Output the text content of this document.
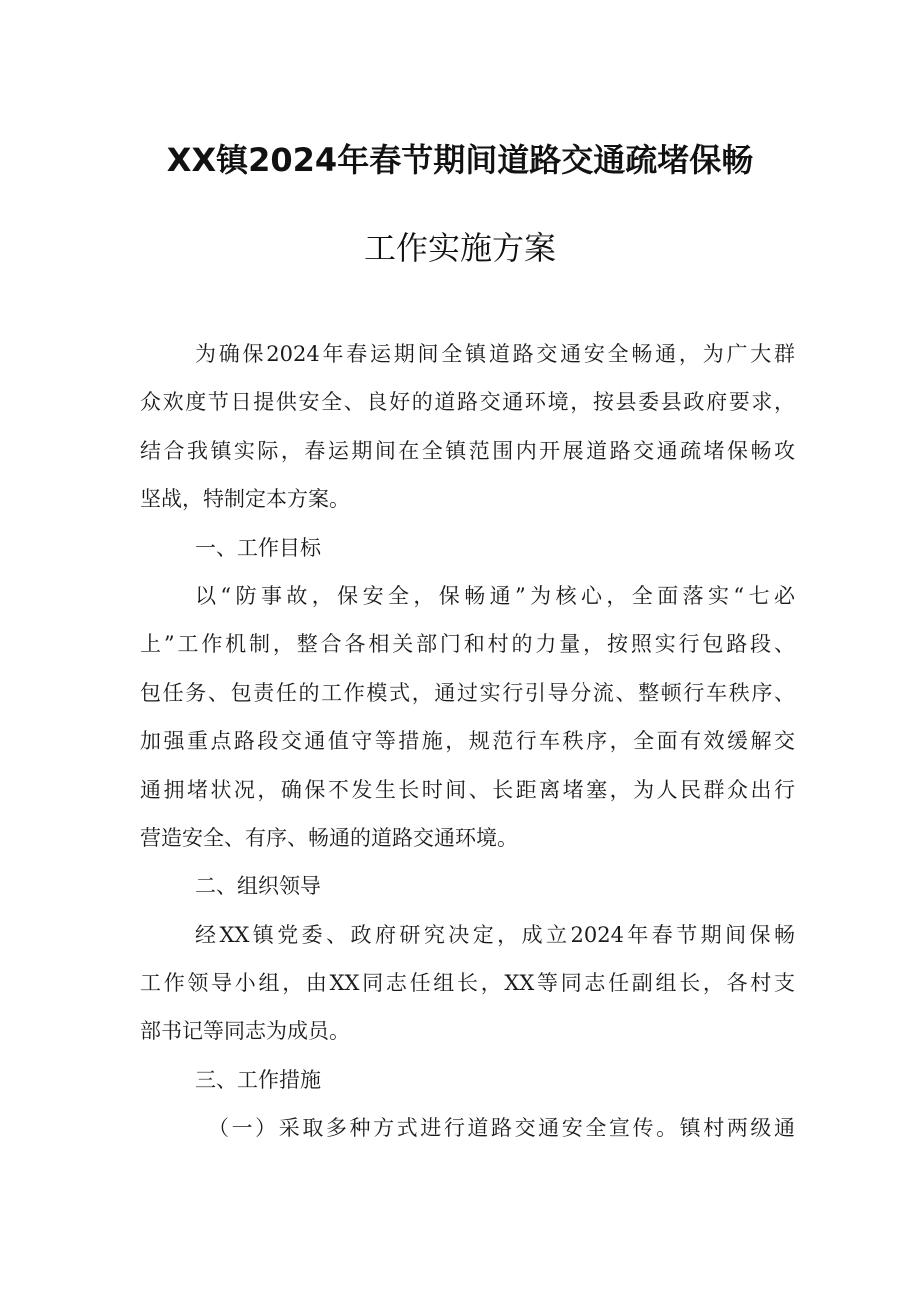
XX镇2024年春节期间道路交通疏堵保畅
工作实施方案
为确保2024年春运期间全镇道路交通安全畅通，为广大群
众欢度节日提供安全、良好的道路交通环境，按县委县政府要求，
结合我镇实际，春运期间在全镇范围内开展道路交通疏堵保畅攻
坚战，特制定本方案。
一、工作目标
以“防事故，保安全，保畅通”为核心，全面落实“七必
上”工作机制，整合各相关部门和村的力量，按照实行包路段、
包任务、包责任的工作模式，通过实行引导分流、整顿行车秩序、
加强重点路段交通值守等措施，规范行车秩序，全面有效缓解交
通拥堵状况，确保不发生长时间、长距离堵塞，为人民群众出行
营造安全、有序、畅通的道路交通环境。
二、组织领导
经XX镇党委、政府研究决定，成立2024年春节期间保畅
工作领导小组，由XX同志任组长，XX等同志任副组长，各村支
部书记等同志为成员。
三、工作措施
（一）采取多种方式进行道路交通安全宣传。镇村两级通
